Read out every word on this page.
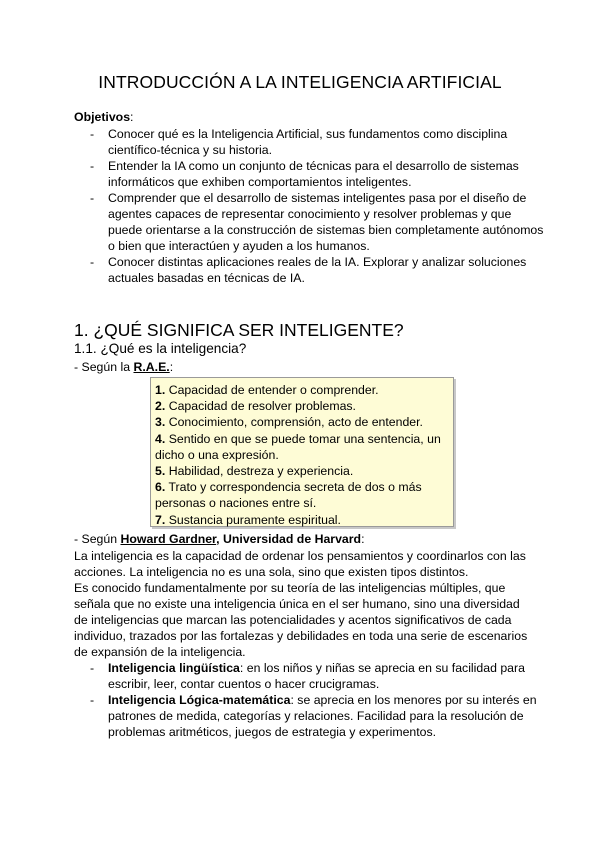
INTRODUCCIÓN A LA INTELIGENCIA ARTIFICIAL
Objetivos:
- Conocer qué es la Inteligencia Artificial, sus fundamentos como disciplina científico-técnica y su historia.
- Entender la IA como un conjunto de técnicas para el desarrollo de sistemas informáticos que exhiben comportamientos inteligentes.
- Comprender que el desarrollo de sistemas inteligentes pasa por el diseño de agentes capaces de representar conocimiento y resolver problemas y que puede orientarse a la construcción de sistemas bien completamente autónomos o bien que interactúen y ayuden a los humanos.
- Conocer distintas aplicaciones reales de la IA. Explorar y analizar soluciones actuales basadas en técnicas de IA.
1. ¿QUÉ SIGNIFICA SER INTELIGENTE?
1.1. ¿Qué es la inteligencia?
- Según la R.A.E.:
1. Capacidad de entender o comprender.
2. Capacidad de resolver problemas.
3. Conocimiento, comprensión, acto de entender.
4. Sentido en que se puede tomar una sentencia, un dicho o una expresión.
5. Habilidad, destreza y experiencia.
6. Trato y correspondencia secreta de dos o más personas o naciones entre sí.
7. Sustancia puramente espiritual.
- Según Howard Gardner, Universidad de Harvard:
La inteligencia es la capacidad de ordenar los pensamientos y coordinarlos con las acciones. La inteligencia no es una sola, sino que existen tipos distintos.
Es conocido fundamentalmente por su teoría de las inteligencias múltiples, que señala que no existe una inteligencia única en el ser humano, sino una diversidad de inteligencias que marcan las potencialidades y acentos significativos de cada individuo, trazados por las fortalezas y debilidades en toda una serie de escenarios de expansión de la inteligencia.
- Inteligencia lingüística: en los niños y niñas se aprecia en su facilidad para escribir, leer, contar cuentos o hacer crucigramas.
- Inteligencia Lógica-matemática: se aprecia en los menores por su interés en patrones de medida, categorías y relaciones. Facilidad para la resolución de problemas aritméticos, juegos de estrategia y experimentos.
